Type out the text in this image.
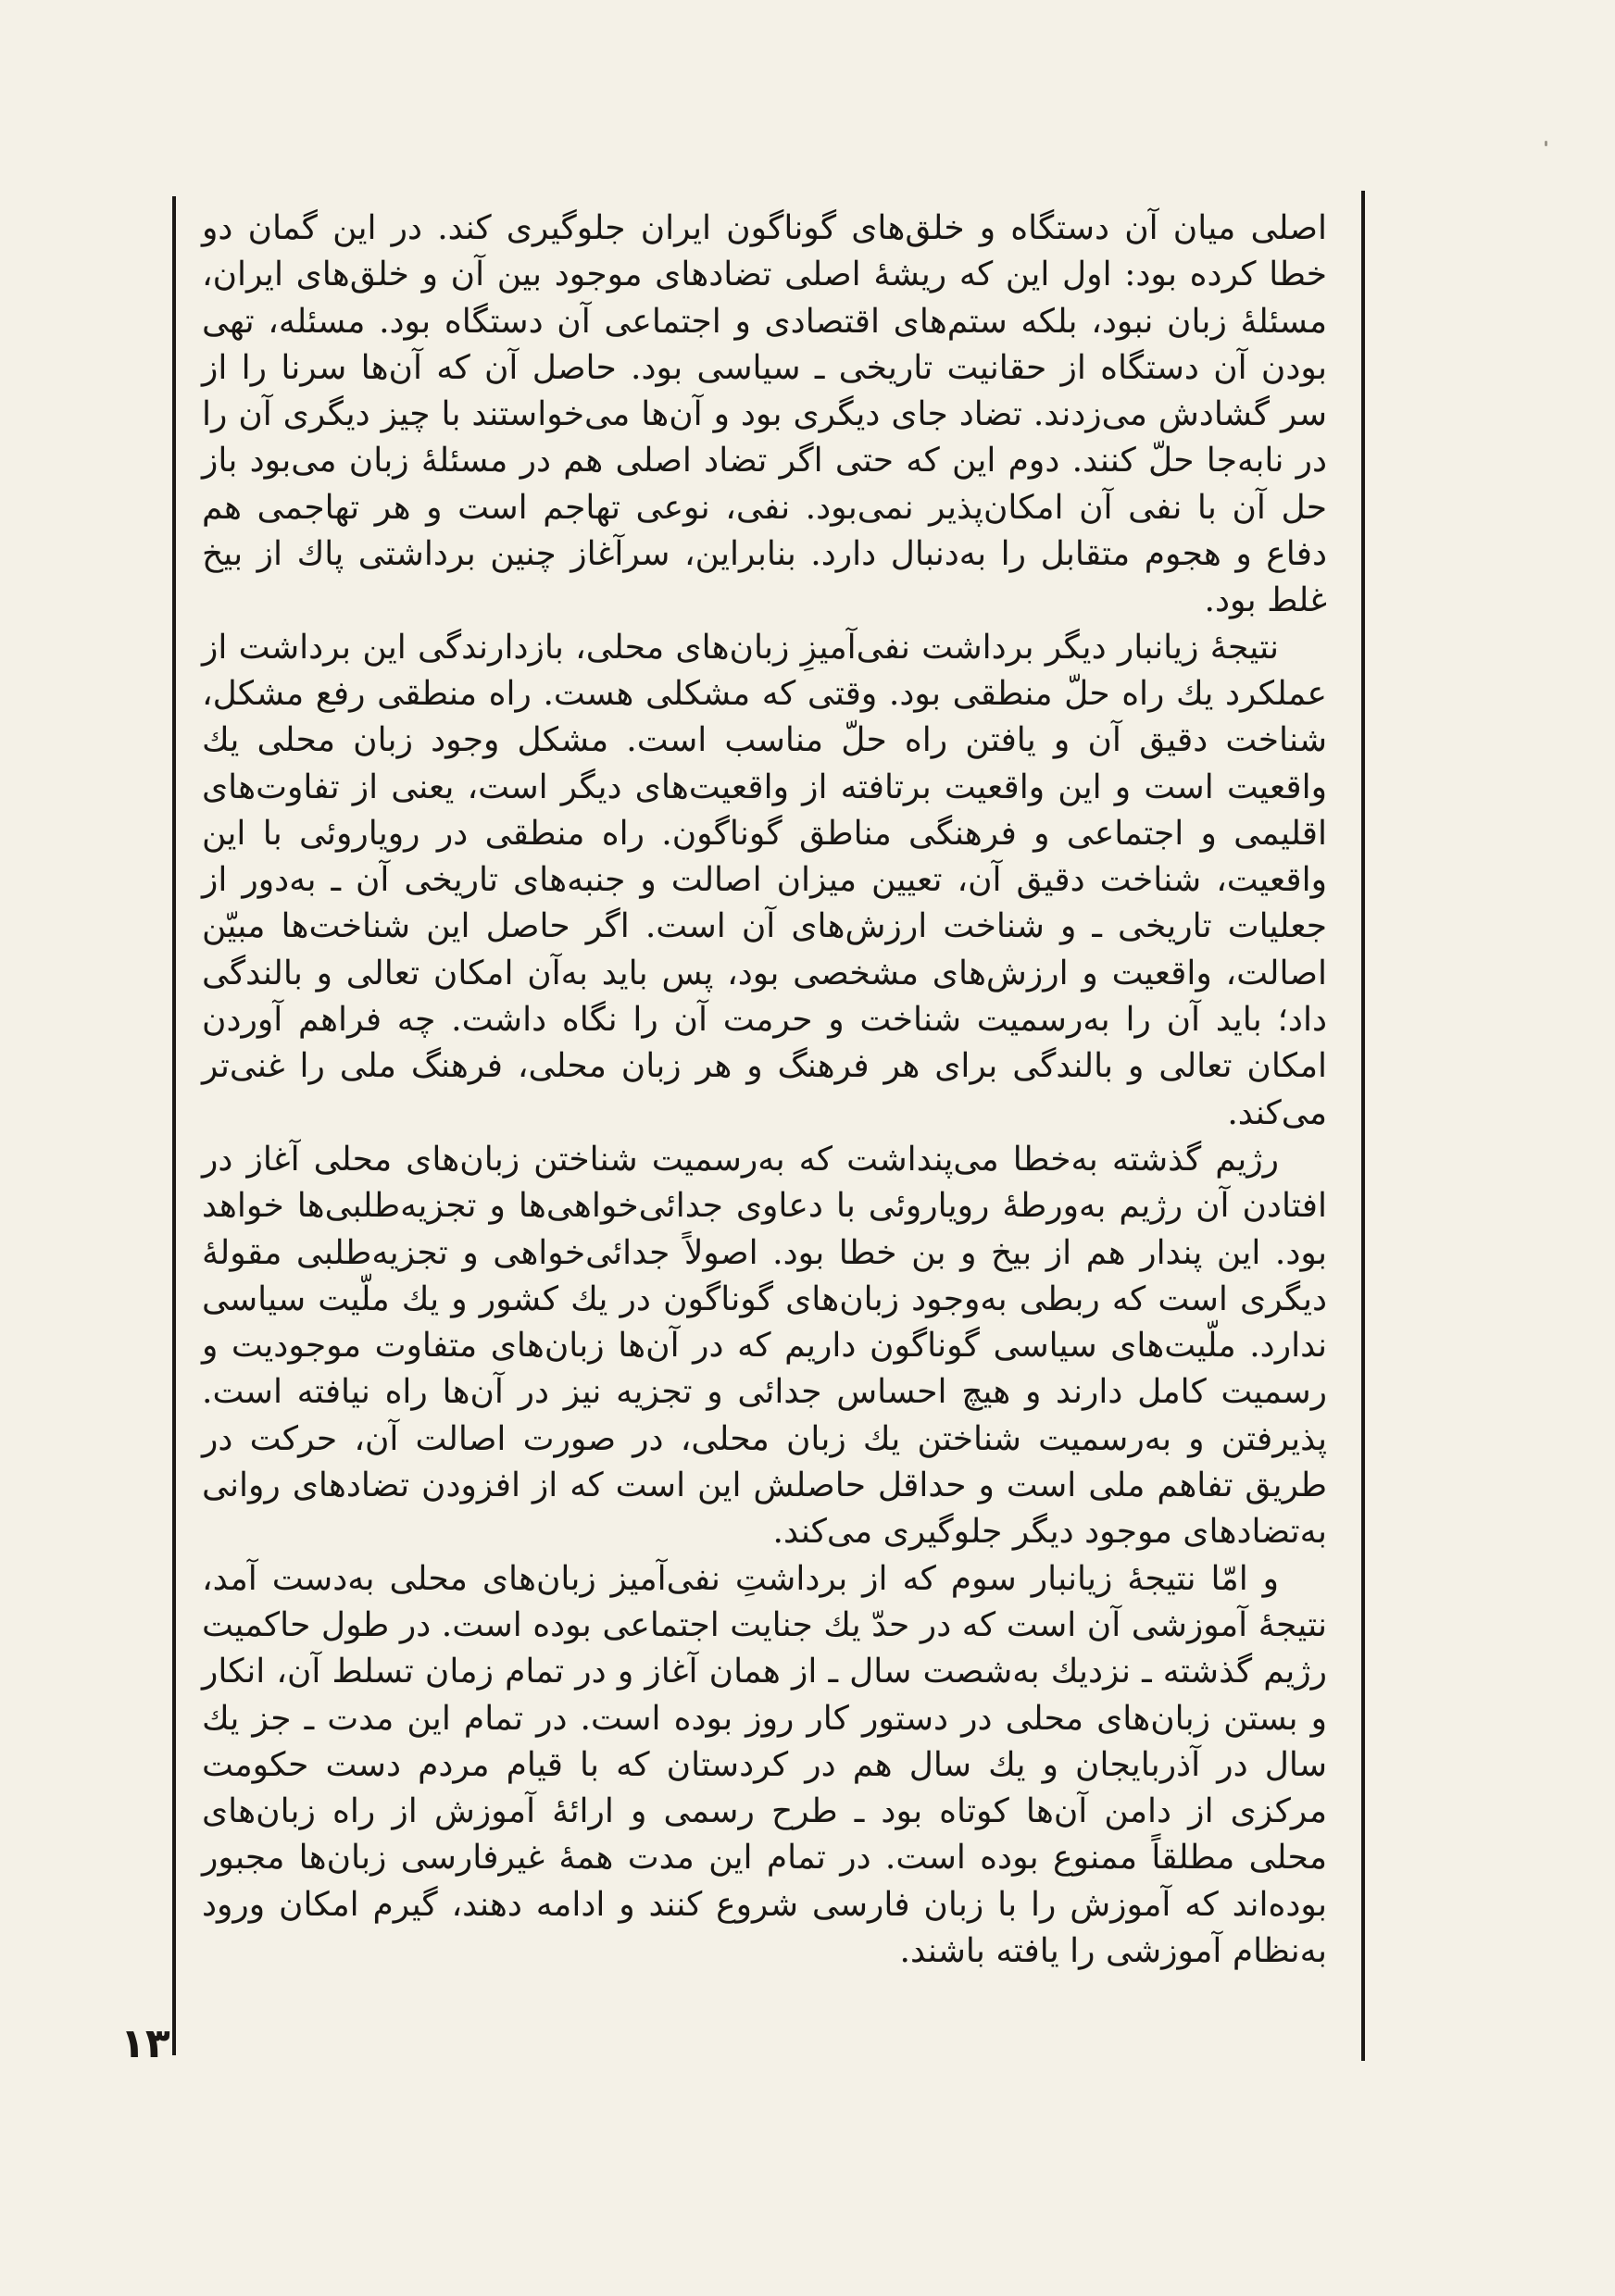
اصلی میان آن دستگاه و خلق‌های گوناگون ایران جلوگیری کند. در این گمان دو خطا کرده بود: اول این که ریشهٔ اصلی تضادهای موجود بین آن و خلق‌های ایران، مسئلهٔ زبان نبود، بلکه ستم‌های اقتصادی و اجتماعی آن دستگاه بود. مسئله، تهی بودن آن دستگاه از حقانیت تاریخی ـ سیاسی بود. حاصل آن که آن‌ها سرنا را از سر گشادش می‌زدند. تضاد جای دیگری بود و آن‌ها می‌خواستند با چیز دیگری آن را در نابه‌جا حلّ کنند. دوم این که حتی اگر تضاد اصلی هم در مسئلهٔ زبان می‌بود باز حل آن با نفی آن امکان‌پذیر نمی‌بود. نفی، نوعی تهاجم است و هر تهاجمی هم دفاع و هجوم متقابل را به‌دنبال دارد. بنابراین، سرآغاز چنین برداشتی پاك از بیخ غلط بود.

نتیجهٔ زیانبار دیگر برداشت نفی‌آمیزِ زبان‌های محلی، بازدارندگی این برداشت از عملکرد یك راه حلّ منطقی بود. وقتی که مشکلی هست. راه منطقی رفع مشکل، شناخت دقیق آن و یافتن راه حلّ مناسب است. مشکل وجود زبان محلی یك واقعیت است و این واقعیت برتافته از واقعیت‌های دیگر است، یعنی از تفاوت‌های اقلیمی و اجتماعی و فرهنگی مناطق گوناگون. راه منطقی در رویاروئی با این واقعیت، شناخت دقیق آن، تعیین میزان اصالت و جنبه‌های تاریخی آن ـ به‌دور از جعلیات تاریخی ـ و شناخت ارزش‌های آن است. اگر حاصل این شناخت‌ها مبیّن اصالت، واقعیت و ارزش‌های مشخصی بود، پس باید به‌آن امکان تعالی و بالندگی داد؛ باید آن را به‌رسمیت شناخت و حرمت آن را نگاه داشت. چه فراهم آوردن امکان تعالی و بالندگی برای هر فرهنگ و هر زبان محلی، فرهنگ ملی را غنی‌تر می‌کند.

رژیم گذشته به‌خطا می‌پنداشت که به‌رسمیت شناختن زبان‌های محلی آغاز در افتادن آن رژیم به‌ورطهٔ رویاروئی با دعاوی جدائی‌خواهی‌ها و تجزیه‌طلبی‌ها خواهد بود. این پندار هم از بیخ و بن خطا بود. اصولاً جدائی‌خواهی و تجزیه‌طلبی مقولهٔ دیگری است که ربطی به‌وجود زبان‌های گوناگون در یك کشور و یك ملّیت سیاسی ندارد. ملّیت‌های سیاسی گوناگون داریم که در آن‌ها زبان‌های متفاوت موجودیت و رسمیت کامل دارند و هیچ احساس جدائی و تجزیه نیز در آن‌ها راه نیافته است. پذیرفتن و به‌رسمیت شناختن یك زبان محلی، در صورت اصالت آن، حرکت در طریق تفاهم ملی است و حداقل حاصلش این است که از افزودن تضادهای روانی به‌تضادهای موجود دیگر جلوگیری می‌کند.

و امّا نتیجهٔ زیانبار سوم که از برداشتِ نفی‌آمیز زبان‌های محلی به‌دست آمد، نتیجهٔ آموزشی آن است که در حدّ یك جنایت اجتماعی بوده است. در طول حاکمیت رژیم گذشته ـ نزدیك به‌شصت سال ـ از همان آغاز و در تمام زمان تسلط آن، انکار و بستن زبان‌های محلی در دستور کار روز بوده است. در تمام این مدت ـ جز یك سال در آذربایجان و یك سال هم در کردستان که با قیام مردم دست حکومت مرکزی از دامن آن‌ها کوتاه بود ـ طرح رسمی و ارائهٔ آموزش از راه زبان‌های محلی مطلقاً ممنوع بوده است. در تمام این مدت همهٔ غیرفارسی زبان‌ها مجبور بوده‌اند که آموزش را با زبان فارسی شروع کنند و ادامه دهند، گیرم امکان ورود به‌نظام آموزشی را یافته باشند.

۱۳
